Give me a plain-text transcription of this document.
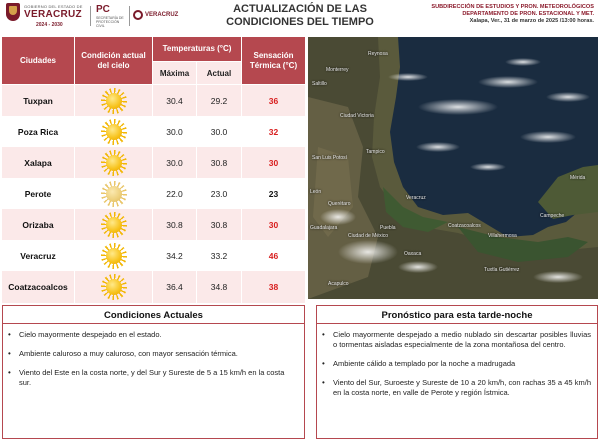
GOBIERNO DEL ESTADO DE
VERACRUZ
2024 - 2030
PC
SECRETARÍA DE PROTECCIÓN CIVIL
VERACRUZ	ACTUALIZACIÓN DE LAS
CONDICIONES DEL TIEMPO
SUBDIRECCIÓN DE ESTUDIOS Y PRON. METEOROLÓGICOS
DEPARTAMENTO DE PRON. ESTACIONAL Y MET.
Xalapa, Ver., 31 de marzo de 2025 /13:00 horas.
Ciudades
Condición actual del cielo
Temperaturas (°C)
Máxima	Actual
Sensación Térmica (°C)
Tuxpan	30.4	29.2	36
Poza Rica	30.0	30.0	32
Xalapa	30.0	30.8	30
Perote	22.0	23.0	23
Orizaba	30.8	30.8	30
Veracruz	34.2	33.2	46
Coatzacoalcos	36.4	34.8	38
Reynosa
Monterrey
Saltillo
Ciudad Victoria
Tampico
San Luis Potosí
León
Querétaro
Guadalajara
Ciudad de México
Puebla
Veracruz
Coatzacoalcos
Villahermosa
Campeche
Mérida
Oaxaca
Tuxtla Gutiérrez
Acapulco
Condiciones Actuales
• Cielo mayormente despejado en el estado.
• Ambiente caluroso a muy caluroso, con mayor sensación térmica.
• Viento del Este en la costa norte, y del Sur y Sureste de 5 a 15 km/h en la costa sur.
Pronóstico para esta tarde-noche
• Cielo mayormente despejado a medio nublado sin descartar posibles lluvias o tormentas aisladas especialmente de la zona montañosa del centro.
• Ambiente cálido a templado por la noche a madrugada
• Viento del Sur, Suroeste y Sureste de 10 a 20 km/h, con rachas 35 a 45 km/h en la costa norte, en valle de Perote y región Ístmica.
